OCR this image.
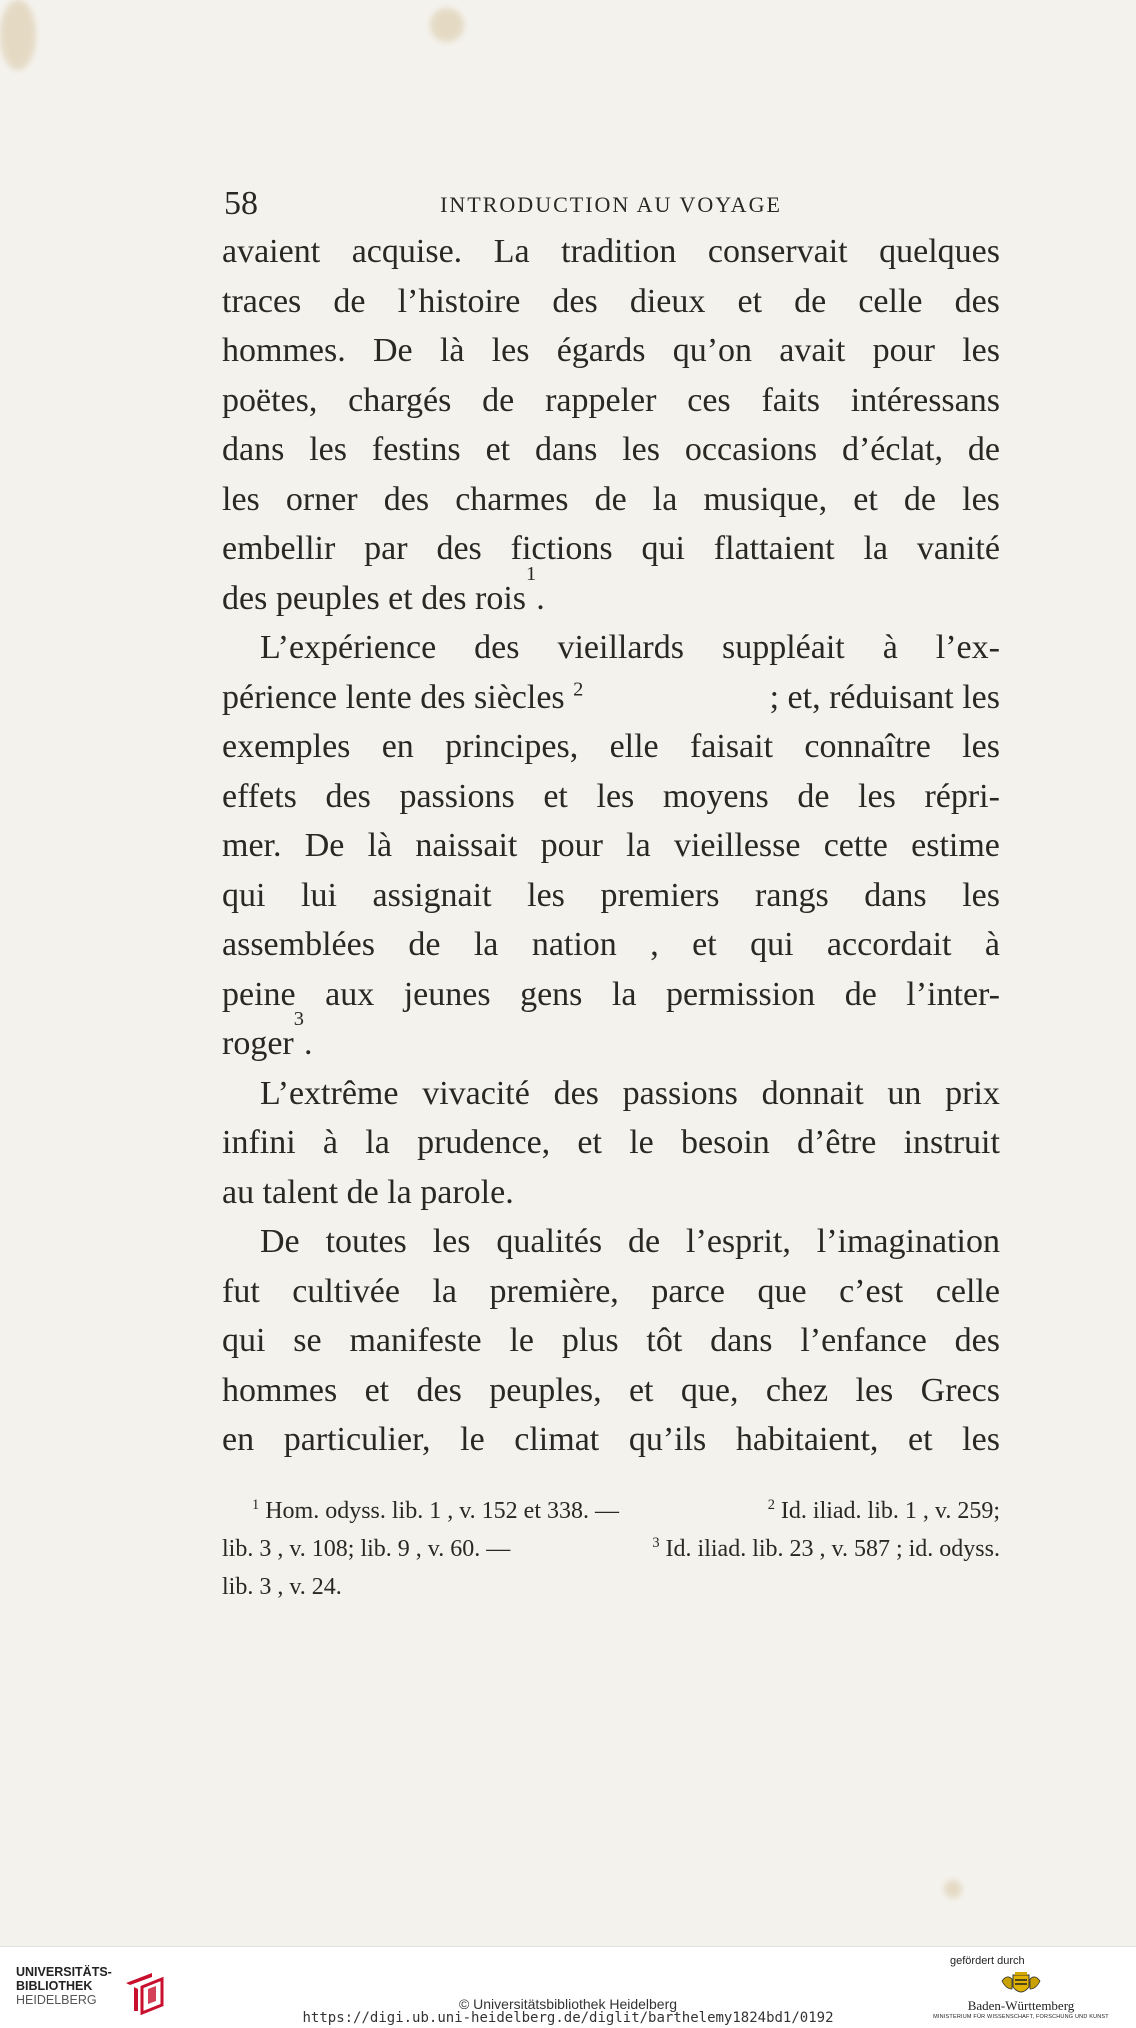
58	INTRODUCTION AU VOYAGE
avaient acquise. La tradition conservait quelques
traces de l’histoire des dieux et de celle des
hommes. De là les égards qu’on avait pour les
poëtes, chargés de rappeler ces faits intéressans
dans les festins et dans les occasions d’éclat, de
les orner des charmes de la musique, et de les
embellir par des fictions qui flattaient la vanité
des peuples et des rois
1
.
L’expérience des vieillards suppléait à l’ex-
périence lente des siècles $^2$	; et, réduisant les
exemples en principes, elle faisait connaître les
effets des passions et les moyens de les répri-
mer. De là naissait pour la vieillesse cette estime
qui lui assignait les premiers rangs dans les
assemblées de la nation , et qui accordait à
peine aux jeunes gens la permission de l’inter-
roger
3
.
L’extrême vivacité des passions donnait un prix
infini à la prudence, et le besoin d’être instruit
au talent de la parole.
De toutes les qualités de l’esprit, l’imagination
fut cultivée la première, parce que c’est celle
qui se manifeste le plus tôt dans l’enfance des
hommes et des peuples, et que, chez les Grecs
en particulier, le climat qu’ils habitaient, et les
$^1$ Hom. odyss. lib. 1 , v. 152 et 338. —	$^2$ Id. iliad. lib. 1 , v. 259;
lib. 3 , v. 108; lib. 9 , v. 60. —	$^3$ Id. iliad. lib. 23 , v. 587 ; id. odyss.
lib. 3 , v. 24.
UNIVERSITÄTS-
BIBLIOTHEK
HEIDELBERG	© Universitätsbibliothek Heidelberg
https://digi.ub.uni-heidelberg.de/diglit/barthelemy1824bd1/0192
gefördert durch
Baden-Württemberg
MINISTERIUM FÜR WISSENSCHAFT, FORSCHUNG UND KUNST
